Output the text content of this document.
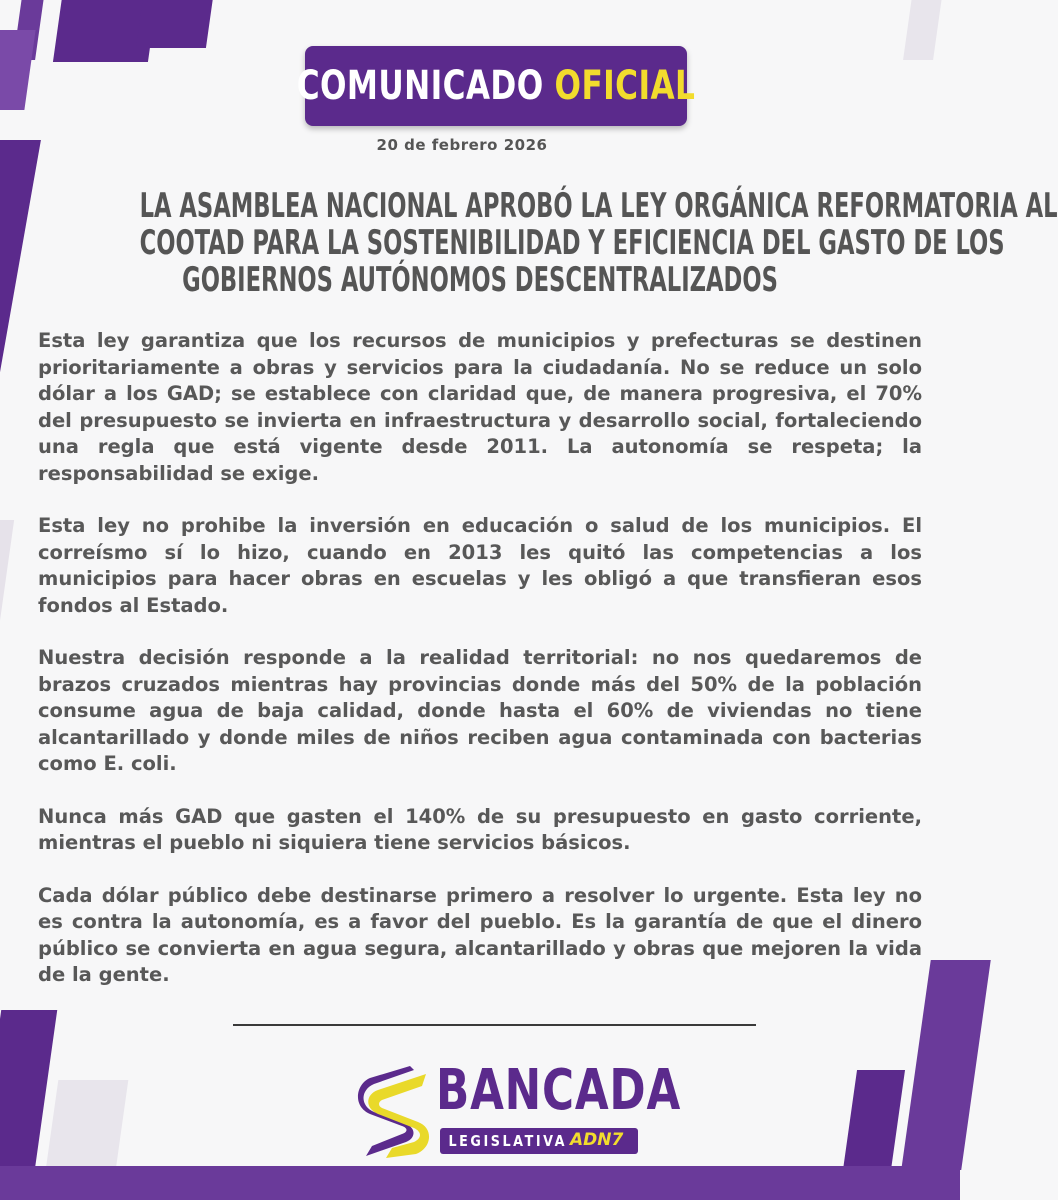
COMUNICADO OFICIAL
20 de febrero 2026
LA ASAMBLEA NACIONAL APROBÓ LA LEY ORGÁNICA REFORMATORIA AL
COOTAD PARA LA SOSTENIBILIDAD Y EFICIENCIA DEL GASTO DE LOS
GOBIERNOS AUTÓNOMOS DESCENTRALIZADOS

Esta ley garantiza que los recursos de municipios y prefecturas se destinen prioritariamente a obras y servicios para la ciudadanía. No se reduce un solo dólar a los GAD; se establece con claridad que, de manera progresiva, el 70% del presupuesto se invierta en infraestructura y desarrollo social, fortaleciendo una regla que está vigente desde 2011. La autonomía se respeta; la responsabilidad se exige.

Esta ley no prohibe la inversión en educación o salud de los municipios. El correísmo sí lo hizo, cuando en 2013 les quitó las competencias a los municipios para hacer obras en escuelas y les obligó a que transfieran esos fondos al Estado.

Nuestra decisión responde a la realidad territorial: no nos quedaremos de brazos cruzados mientras hay provincias donde más del 50% de la población consume agua de baja calidad, donde hasta el 60% de viviendas no tiene alcantarillado y donde miles de niños reciben agua contaminada con bacterias como E. coli.

Nunca más GAD que gasten el 140% de su presupuesto en gasto corriente, mientras el pueblo ni siquiera tiene servicios básicos.

Cada dólar público debe destinarse primero a resolver lo urgente. Esta ley no es contra la autonomía, es a favor del pueblo. Es la garantía de que el dinero público se convierta en agua segura, alcantarillado y obras que mejoren la vida de la gente.

BANCADA
LEGISLATIVA ADN7
